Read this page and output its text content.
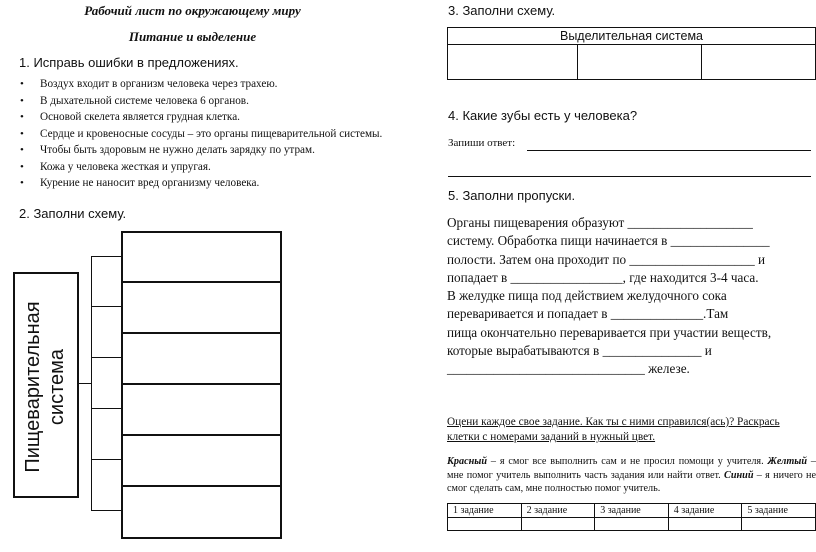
Рабочий лист по окружающему миру
Питание и выделение
1. Исправь ошибки в предложениях.
• Воздух входит в организм человека через трахею.
• В дыхательной системе человека 6 органов.
• Основой скелета является грудная клетка.
• Сердце и кровеносные сосуды – это органы пищеварительной системы.
• Чтобы быть здоровым не нужно делать зарядку по утрам.
• Кожа у человека жесткая и упругая.
• Курение не наносит вред организму человека.
2. Заполни схему.
Пищеварительная система
3. Заполни схему.
Выделительная система

4. Какие зубы есть у человека?
Запиши ответ:
5. Заполни пропуски.
Органы пищеварения образуют ___________________
систему. Обработка пищи начинается в _______________
полости. Затем она проходит по ___________________ и
попадает в _________________, где находится 3-4 часа.
В желудке пища под действием желудочного сока
переваривается и попадает в ______________.Там
пища окончательно переваривается при участии веществ,
которые вырабатываются в _______________ и
______________________________ железе.
Оцени каждое свое задание. Как ты с ними справился(ась)? Раскрась
клетки с номерами заданий в нужный цвет.
Красный – я смог все выполнить сам и не просил помощи у учителя. Желтый – мне помог учитель выполнить часть задания или найти ответ. Синий – я ничего не смог сделать сам, мне полностью помог учитель.
1 задание	2 задание	3 задание	4 задание	5 задание
